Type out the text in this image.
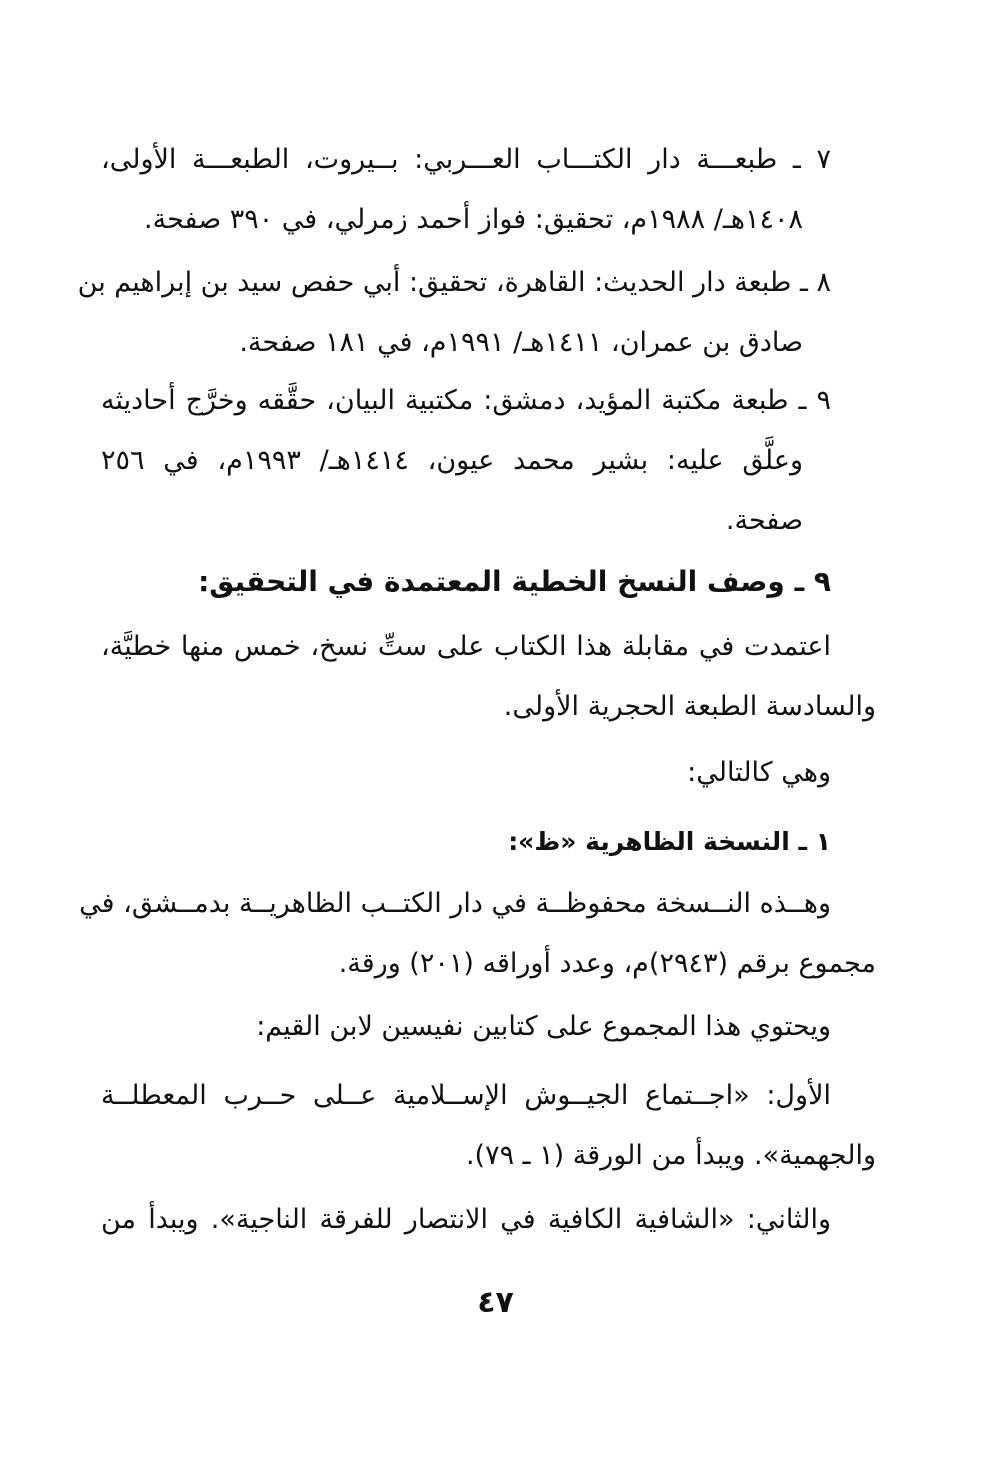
٧ ـ طبعـــة دار الكتـــاب العـــربي: بــيروت، الطبعـــة الأولى،
١٤٠٨هـ/ ١٩٨٨م، تحقيق: فواز أحمد زمرلي، في ٣٩٠ صفحة.
٨ ـ طبعة دار الحديث: القاهرة، تحقيق: أبي حفص سيد بن إبراهيم بن
صادق بن عمران، ١٤١١هـ/ ١٩٩١م، في ١٨١ صفحة.
٩ ـ طبعة مكتبة المؤيد، دمشق: مكتبية البيان، حقَّقه وخرَّج أحاديثه
وعلَّق عليه: بشير محمد عيون، ١٤١٤هـ/ ١٩٩٣م، في ٢٥٦
صفحة.
٩ ـ وصف النسخ الخطية المعتمدة في التحقيق:
اعتمدت في مقابلة هذا الكتاب على ستِّ نسخ، خمس منها خطيَّة،
والسادسة الطبعة الحجرية الأولى.
وهي كالتالي:
١ ـ النسخة الظاهرية «ظ»:
وهــذه النــسخة محفوظــة في دار الكتــب الظاهريــة بدمــشق، في
مجموع برقم (٢٩٤٣)م، وعدد أوراقه (٢٠١) ورقة.
ويحتوي هذا المجموع على كتابين نفيسين لابن القيم:
الأول: «اجــتماع الجيــوش الإســلامية عــلى حــرب المعطلــة
والجهمية». ويبدأ من الورقة (١ ـ ٧٩).
والثاني: «الشافية الكافية في الانتصار للفرقة الناجية». ويبدأ من
٤٧
